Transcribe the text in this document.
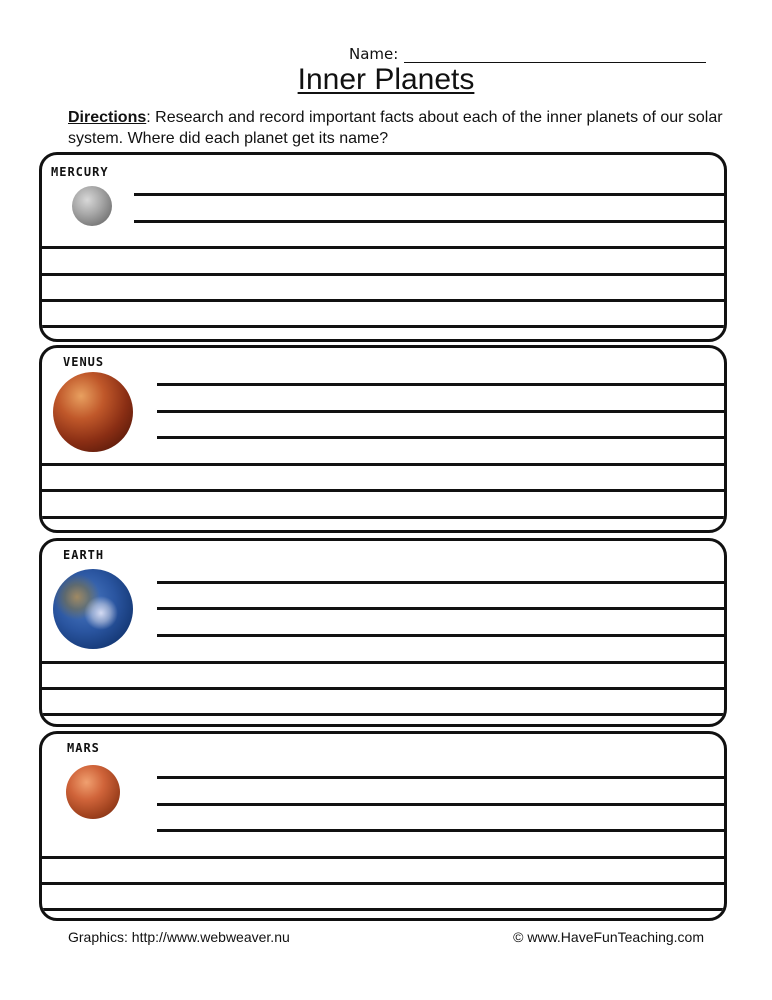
Name:
Inner Planets
Directions: Research and record important facts about each of the inner planets of our solar system. Where did each planet get its name?
MERCURY
VENUS
EARTH
MARS
Graphics: http://www.webweaver.nu	© www.HaveFunTeaching.com
